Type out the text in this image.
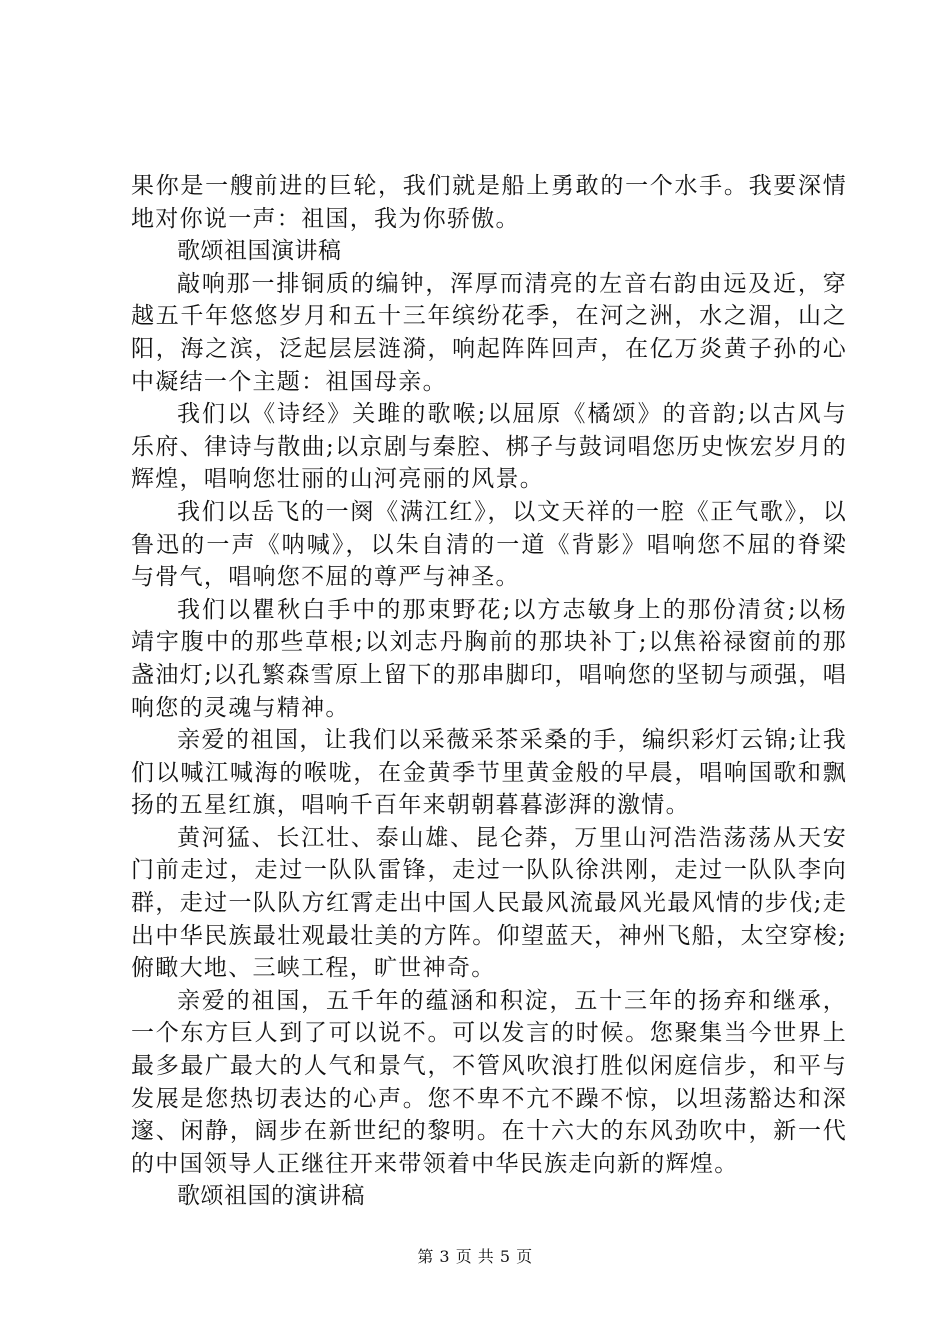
果你是一艘前进的巨轮，我们就是船上勇敢的一个水手。我要深情地对你说一声：祖国，我为你骄傲。

歌颂祖国演讲稿

敲响那一排铜质的编钟，浑厚而清亮的左音右韵由远及近，穿越五千年悠悠岁月和五十三年缤纷花季，在河之洲，水之湄，山之阳，海之滨，泛起层层涟漪，响起阵阵回声，在亿万炎黄子孙的心中凝结一个主题：祖国母亲。

我们以《诗经》关雎的歌喉;以屈原《橘颂》的音韵;以古风与乐府、律诗与散曲;以京剧与秦腔、梆子与鼓词唱您历史恢宏岁月的辉煌，唱响您壮丽的山河亮丽的风景。

我们以岳飞的一阕《满江红》，以文天祥的一腔《正气歌》，以鲁迅的一声《呐喊》，以朱自清的一道《背影》唱响您不屈的脊梁与骨气，唱响您不屈的尊严与神圣。

我们以瞿秋白手中的那束野花;以方志敏身上的那份清贫;以杨靖宇腹中的那些草根;以刘志丹胸前的那块补丁;以焦裕禄窗前的那盏油灯;以孔繁森雪原上留下的那串脚印，唱响您的坚韧与顽强，唱响您的灵魂与精神。

亲爱的祖国，让我们以采薇采茶采桑的手，编织彩灯云锦;让我们以喊江喊海的喉咙，在金黄季节里黄金般的早晨，唱响国歌和飘扬的五星红旗，唱响千百年来朝朝暮暮澎湃的激情。

黄河猛、长江壮、泰山雄、昆仑莽，万里山河浩浩荡荡从天安门前走过，走过一队队雷锋，走过一队队徐洪刚，走过一队队李向群，走过一队队方红霄走出中国人民最风流最风光最风情的步伐;走出中华民族最壮观最壮美的方阵。仰望蓝天，神州飞船，太空穿梭;俯瞰大地、三峡工程，旷世神奇。

亲爱的祖国，五千年的蕴涵和积淀，五十三年的扬弃和继承，一个东方巨人到了可以说不。可以发言的时候。您聚集当今世界上最多最广最大的人气和景气，不管风吹浪打胜似闲庭信步，和平与发展是您热切表达的心声。您不卑不亢不躁不惊，以坦荡豁达和深邃、闲静，阔步在新世纪的黎明。在十六大的东风劲吹中，新一代的中国领导人正继往开来带领着中华民族走向新的辉煌。

歌颂祖国的演讲稿

第 3 页 共 5 页
